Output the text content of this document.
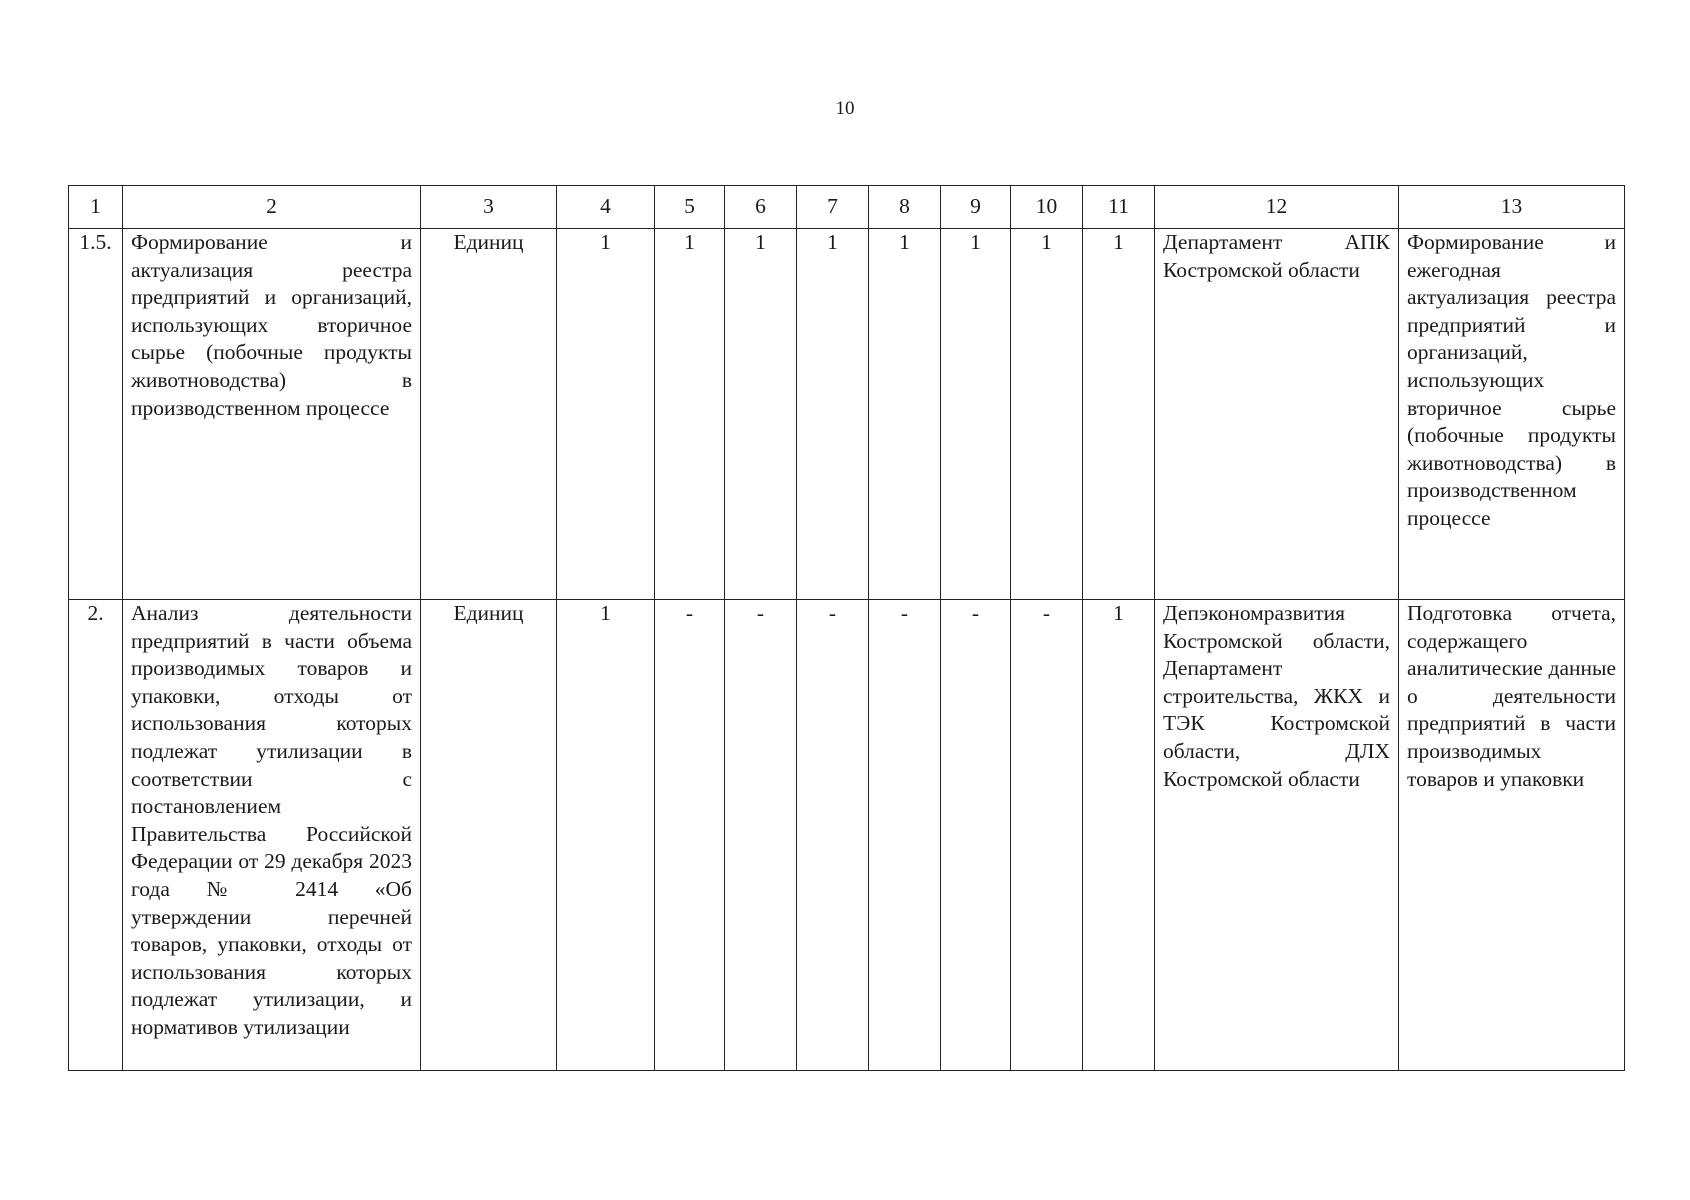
10
1	2	3	4	5	6	7	8	9	10	11	12	13
1.5.	Формирование и актуализация реестра предприятий и организаций, использующих вторичное сырье (побочные продукты животноводства) в производственном процессе	Единиц	1	1	1	1	1	1	1	1	Департамент АПК Костромской области	Формирование и ежегодная актуализация реестра предприятий и организаций, использующих вторичное сырье (побочные продукты животноводства) в производственном процессе
2.	Анализ деятельности предприятий в части объема производимых товаров и упаковки, отходы от использования которых подлежат утилизации в соответствии с постановлением Правительства Российской Федерации от 29 декабря 2023 года № 2414 «Об утверждении перечней товаров, упаковки, отходы от использования которых подлежат утилизации, и нормативов утилизации	Единиц	1	-	-	-	-	-	-	1	Депэкономразвития Костромской области, Департамент строительства, ЖКХ и ТЭК Костромской области, ДЛХ Костромской области	Подготовка отчета, содержащего аналитические данные о деятельности предприятий в части производимых товаров и упаковки
